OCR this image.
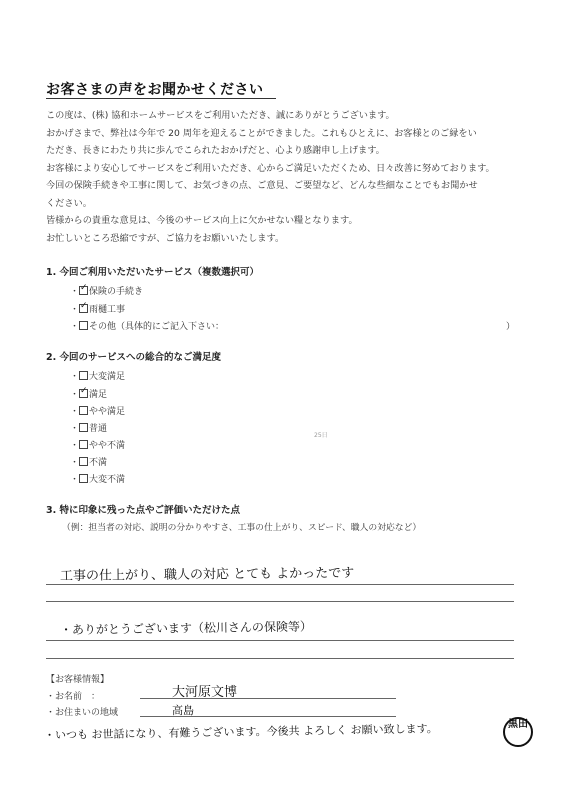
お客さまの声をお聞かせください

この度は、(株) 協和ホームサービスをご利用いただき、誠にありがとうございます。

おかげさまで、弊社は今年で 20 周年を迎えることができました。これもひとえに、お客様とのご縁をい

ただき、長きにわたり共に歩んでこられたおかげだと、心より感謝申し上げます。

お客様により安心してサービスをご利用いただき、心からご満足いただくため、日々改善に努めております。

今回の保険手続きや工事に関して、お気づきの点、ご意見、ご要望など、どんな些細なことでもお聞かせ

ください。

皆様からの貴重な意見は、今後のサービス向上に欠かせない糧となります。

お忙しいところ恐縮ですが、ご協力をお願いいたします。

1. 今回ご利用いただいたサービス（複数選択可）
・ ✓ 保険の手続き
・ ✓ 雨樋工事
・ その他（具体的にご記入下さい：	）
2. 今回のサービスへの総合的なご満足度
・ 大変満足
・ ✓ 満足
・ やや満足
・ 普通
・ やや不満
・ 不満
・ 大変不満
25日
3. 特に印象に残った点やご評価いただけた点
（例：担当者の対応、説明の分かりやすさ、工事の仕上がり、スピード、職人の対応など）
工事の仕上がり、職人の対応 とても よかったです
・ありがとうございます（松川さんの保険等）
【お客様情報】
・お名前　：	大河原文博
・お住まいの地域	高島
・いつも お世話になり、有難うございます。今後共 よろしく お願い致します。	黒田
